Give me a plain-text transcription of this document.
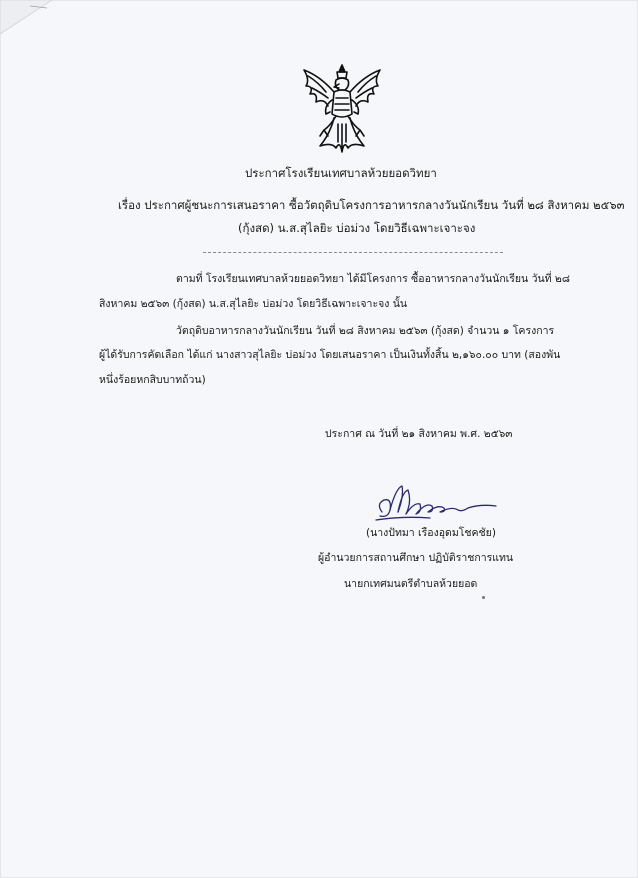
ประกาศโรงเรียนเทศบาลห้วยยอดวิทยา
เรื่อง ประกาศผู้ชนะการเสนอราคา ซื้อวัตถุดิบโครงการอาหารกลางวันนักเรียน วันที่ ๒๘ สิงหาคม ๒๕๖๓
(กุ้งสด) น.ส.สุไลยิะ บ่อม่วง โดยวิธีเฉพาะเจาะจง
ตามที่ โรงเรียนเทศบาลห้วยยอดวิทยา ได้มีโครงการ ซื้ออาหารกลางวันนักเรียน วันที่ ๒๘
สิงหาคม ๒๕๖๓ (กุ้งสด) น.ส.สุไลยิะ บ่อม่วง โดยวิธีเฉพาะเจาะจง นั้น
วัตถุดิบอาหารกลางวันนักเรียน วันที่ ๒๘ สิงหาคม ๒๕๖๓ (กุ้งสด) จำนวน ๑ โครงการ
ผู้ได้รับการคัดเลือก ได้แก่ นางสาวสุไลยิะ บ่อม่วง โดยเสนอราคา เป็นเงินทั้งสิ้น ๒,๑๖๐.๐๐ บาท (สองพัน
หนึ่งร้อยหกสิบบาทถ้วน)
ประกาศ ณ วันที่ ๒๑ สิงหาคม พ.ศ. ๒๕๖๓
(นางปัทมา เรืองอุดมโชคชัย)
ผู้อำนวยการสถานศึกษา ปฏิบัติราชการแทน
นายกเทศมนตรีตำบลห้วยยอด
